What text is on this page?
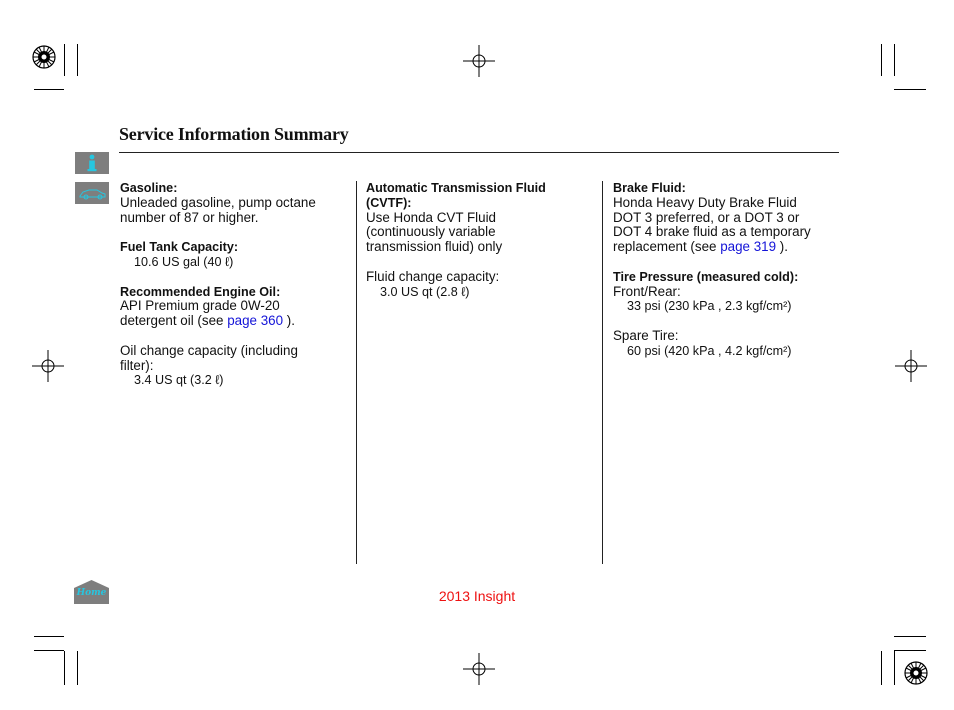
Service Information Summary

Gasoline:

Unleaded gasoline, pump octane

number of 87 or higher.

Fuel Tank Capacity:

10.6 US gal (40 ℓ)

Recommended Engine Oil:

API Premium grade 0W-20

detergent oil (see page 360 ).

Oil change capacity (including

filter):

3.4 US qt (3.2 ℓ)

Automatic Transmission Fluid

(CVTF):

Use Honda CVT Fluid

(continuously variable

transmission fluid) only

Fluid change capacity:

3.0 US qt (2.8 ℓ)

Brake Fluid:

Honda Heavy Duty Brake Fluid

DOT 3 preferred, or a DOT 3 or

DOT 4 brake fluid as a temporary

replacement (see page 319 ).

Tire Pressure (measured cold):

Front/Rear:

33 psi (230 kPa , 2.3 kgf/cm²)

Spare Tire:

60 psi (420 kPa , 4.2 kgf/cm²)

Home	2013 Insight
